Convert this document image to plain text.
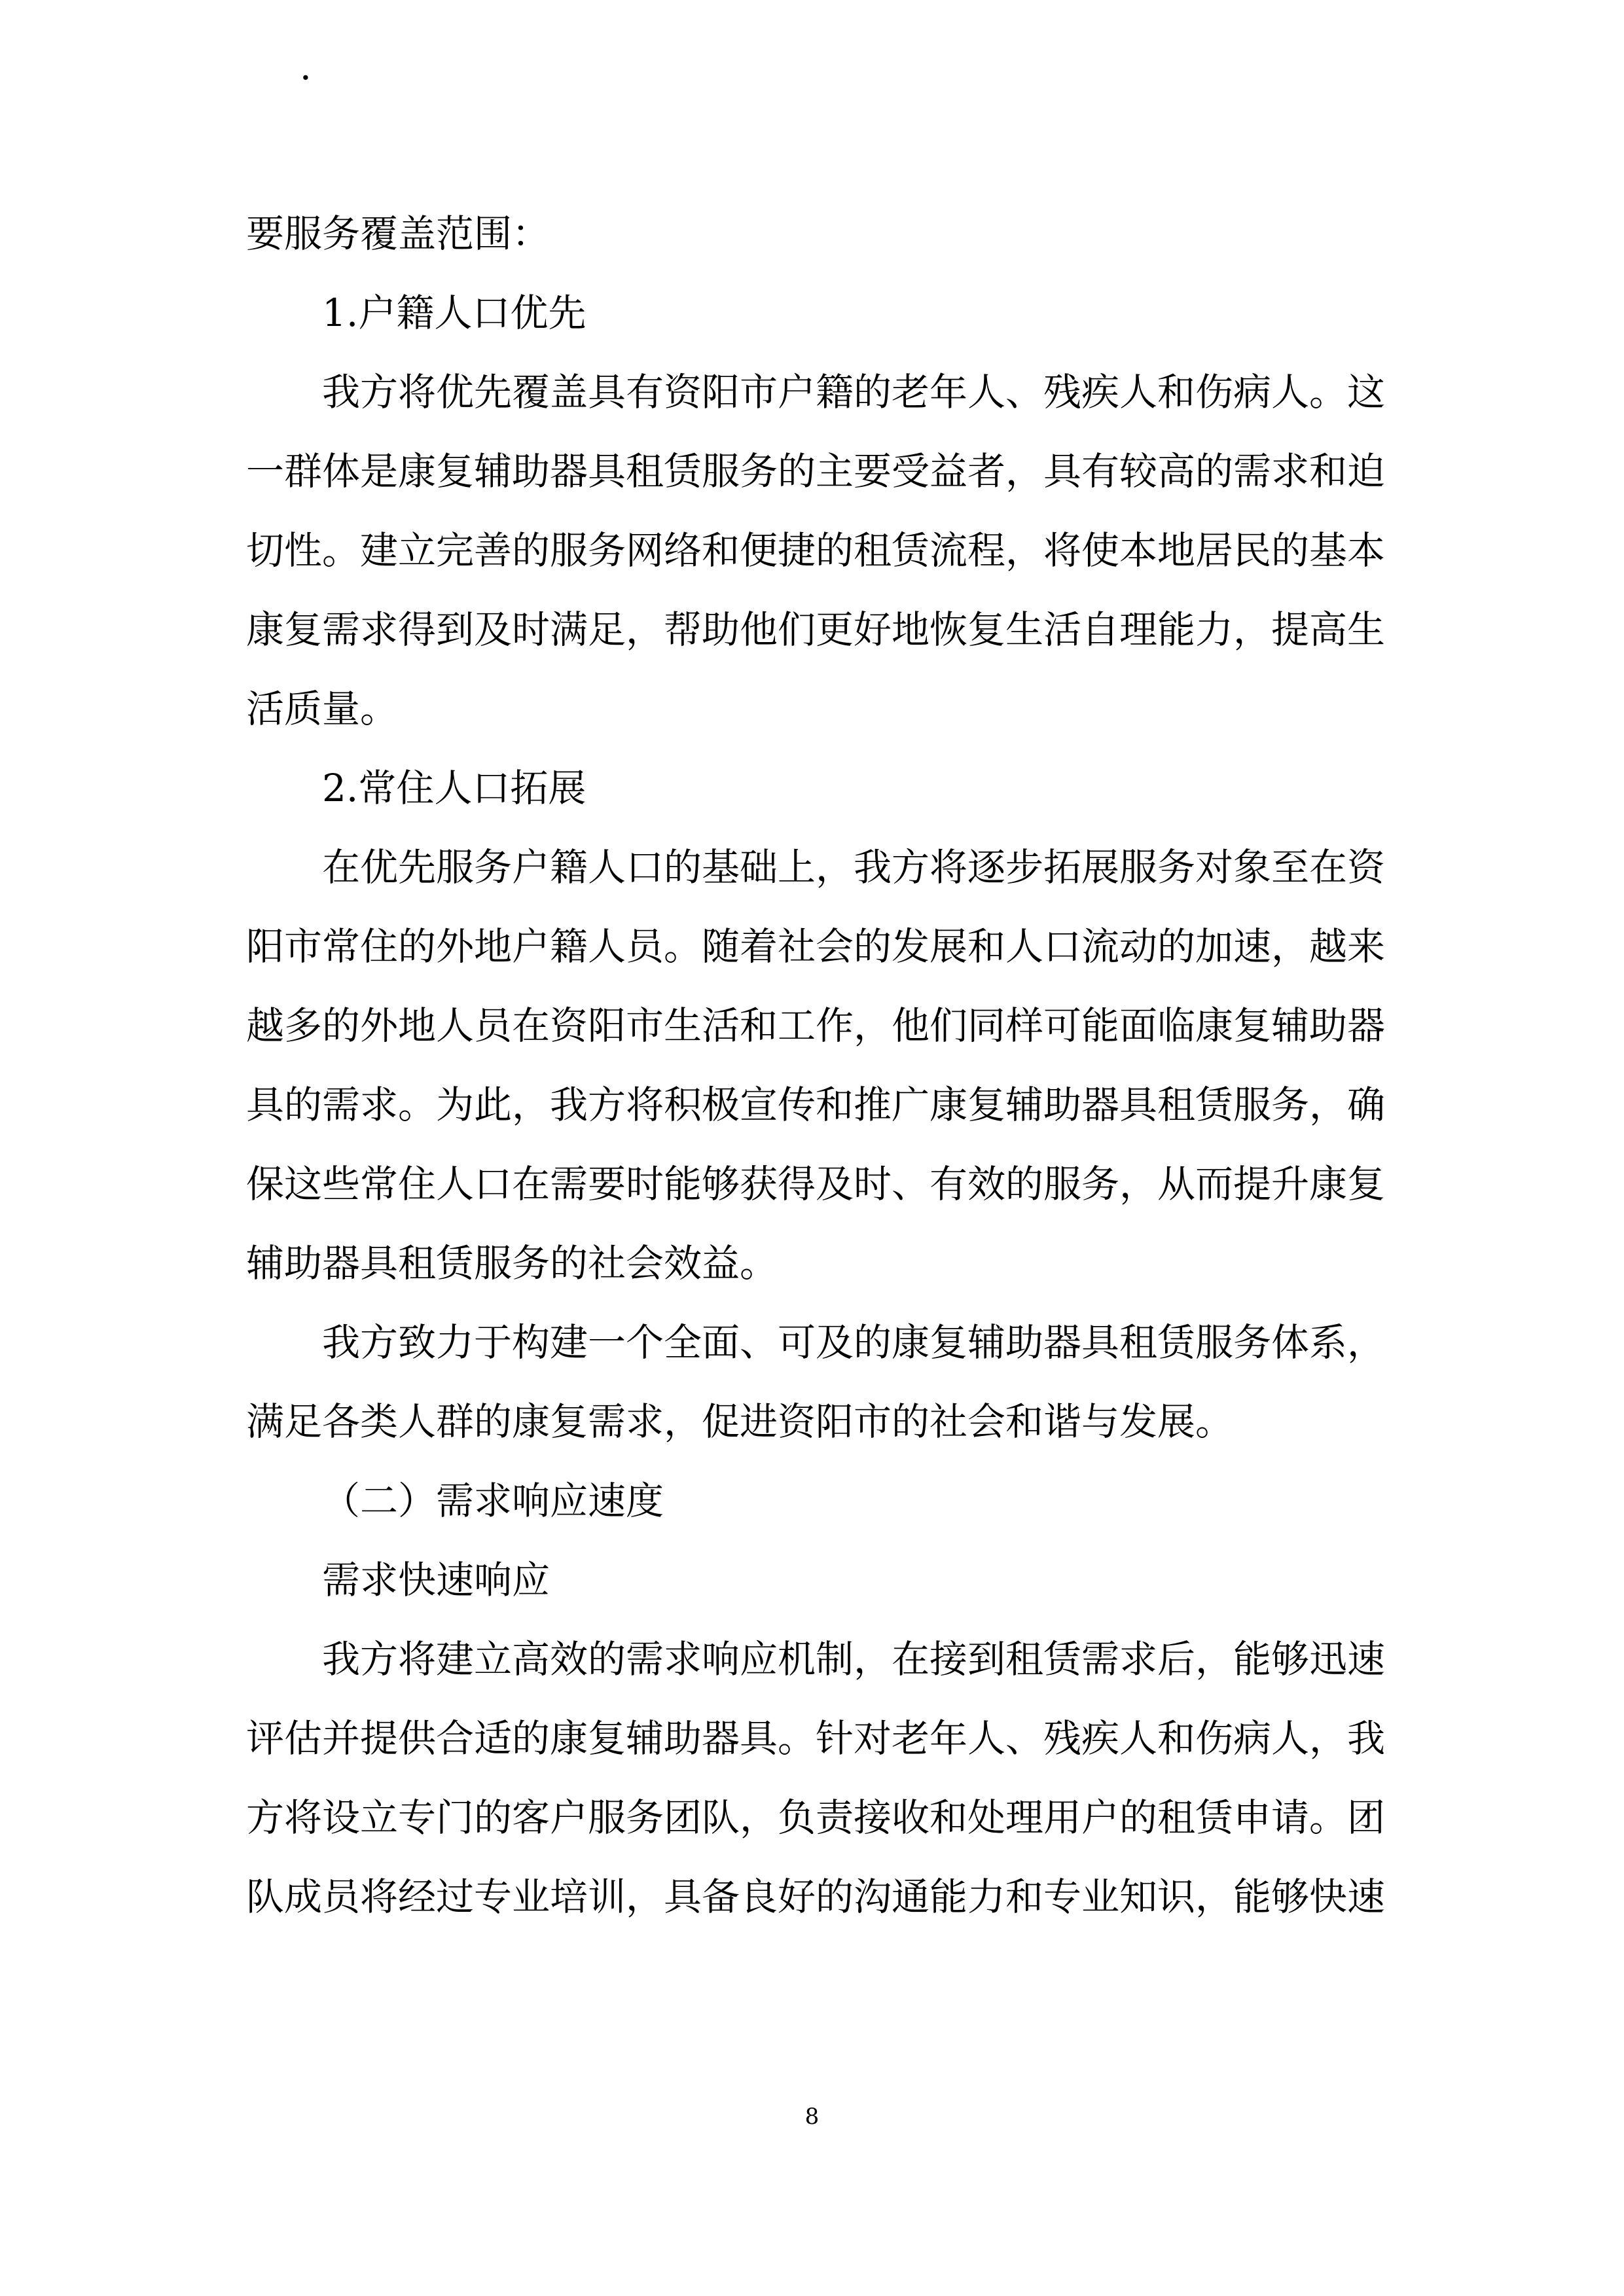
·
要服务覆盖范围：
1.户籍人口优先
我方将优先覆盖具有资阳市户籍的老年人、残疾人和伤病人。这
一群体是康复辅助器具租赁服务的主要受益者，具有较高的需求和迫
切性。建立完善的服务网络和便捷的租赁流程，将使本地居民的基本
康复需求得到及时满足，帮助他们更好地恢复生活自理能力，提高生
活质量。
2.常住人口拓展
在优先服务户籍人口的基础上，我方将逐步拓展服务对象至在资
阳市常住的外地户籍人员。随着社会的发展和人口流动的加速，越来
越多的外地人员在资阳市生活和工作，他们同样可能面临康复辅助器
具的需求。为此，我方将积极宣传和推广康复辅助器具租赁服务，确
保这些常住人口在需要时能够获得及时、有效的服务，从而提升康复
辅助器具租赁服务的社会效益。
我方致力于构建一个全面、可及的康复辅助器具租赁服务体系，
满足各类人群的康复需求，促进资阳市的社会和谐与发展。
（二）需求响应速度
需求快速响应
我方将建立高效的需求响应机制，在接到租赁需求后，能够迅速
评估并提供合适的康复辅助器具。针对老年人、残疾人和伤病人，我
方将设立专门的客户服务团队，负责接收和处理用户的租赁申请。团
队成员将经过专业培训，具备良好的沟通能力和专业知识，能够快速
8
